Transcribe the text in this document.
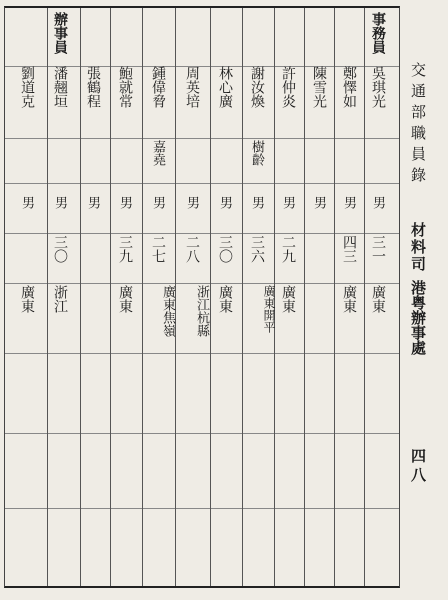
事務員
吳琪光
男
三一
廣東
鄭懌如
男
四三
廣東
陳雪光
男
許仲炎
男
二九
廣東
謝汝煥
樹齡
男
三六
廣東開平
林心廣
男
三〇
廣東
周英培
男
二八
浙江杭縣
鍾偉脅
嘉堯
男
二七
廣東焦嶺
鮑就常
男
三九
廣東
張鶴程
男
辦事員
潘翹垣
男
三〇
浙江
劉道克
男
廣東
交通部職員錄
材料司
港粤辦事處
四八
